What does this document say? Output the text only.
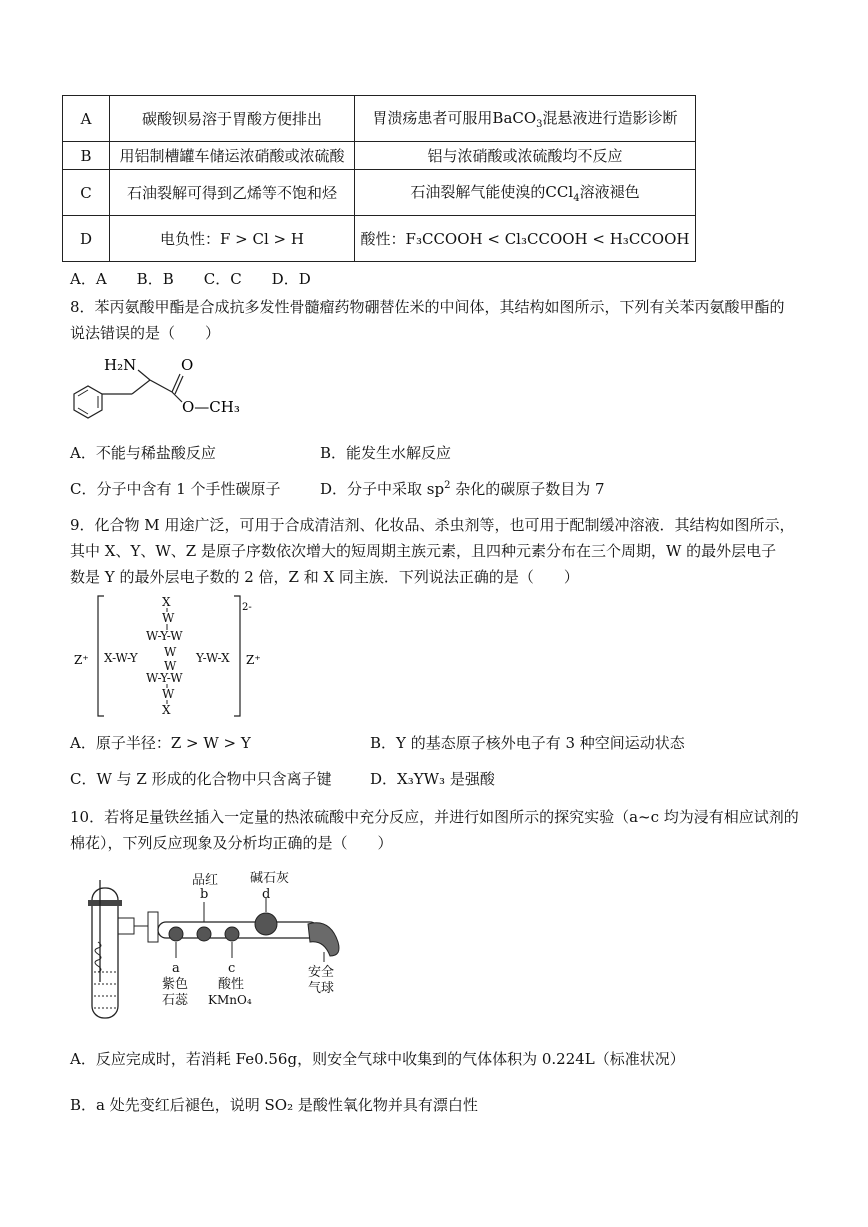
A	碳酸钡易溶于胃酸方便排出	胃溃疡患者可服用BaCO$_3$混悬液进行造影诊断
B	用铝制槽罐车储运浓硝酸或浓硫酸	铝与浓硝酸或浓硫酸均不反应
C	石油裂解可得到乙烯等不饱和烃	石油裂解气能使溴的CCl$_4$溶液褪色
D	电负性：F > Cl > H	酸性：F₃CCOOH < Cl₃CCOOH < H₃CCOOH
A．A　　B．B　　C．C　　D．D
8．苯丙氨酸甲酯是合成抗多发性骨髓瘤药物硼替佐米的中间体，其结构如图所示，下列有关苯丙氨酸甲酯的
说法错误的是（　　）
H₂N	O
O—CH₃
A．不能与稀盐酸反应	B．能发生水解反应
C．分子中含有 1 个手性碳原子	D．分子中采取 $sp^2$ 杂化的碳原子数目为 7
9．化合物 M 用途广泛，可用于合成清洁剂、化妆品、杀虫剂等，也可用于配制缓冲溶液．其结构如图所示，
其中 X、Y、W、Z 是原子序数依次增大的短周期主族元素，且四种元素分布在三个周期，W 的最外层电子
数是 Y 的最外层电子数的 2 倍，Z 和 X 同主族．下列说法正确的是（　　）
2-
Z⁺	Z⁺
X
W
W-Y-W
X-W-Y W
W
Y-W-X
W-Y-W
W
X
A．原子半径：Z > W > Y	B．Y 的基态原子核外电子有 3 种空间运动状态
C．W 与 Z 形成的化合物中只含离子键	D．X₃YW₃ 是强酸
10．若将足量铁丝插入一定量的热浓硫酸中充分反应，并进行如图所示的探究实验（a~c 均为浸有相应试剂的
棉花），下列反应现象及分析均正确的是（　　）
品红
b
碱石灰
d
a
紫色
石蕊
c
酸性
KMnO₄
安全
气球
A．反应完成时，若消耗 Fe0.56g，则安全气球中收集到的气体体积为 0.224L（标准状况）
B．a 处先变红后褪色，说明 SO₂ 是酸性氧化物并具有漂白性
